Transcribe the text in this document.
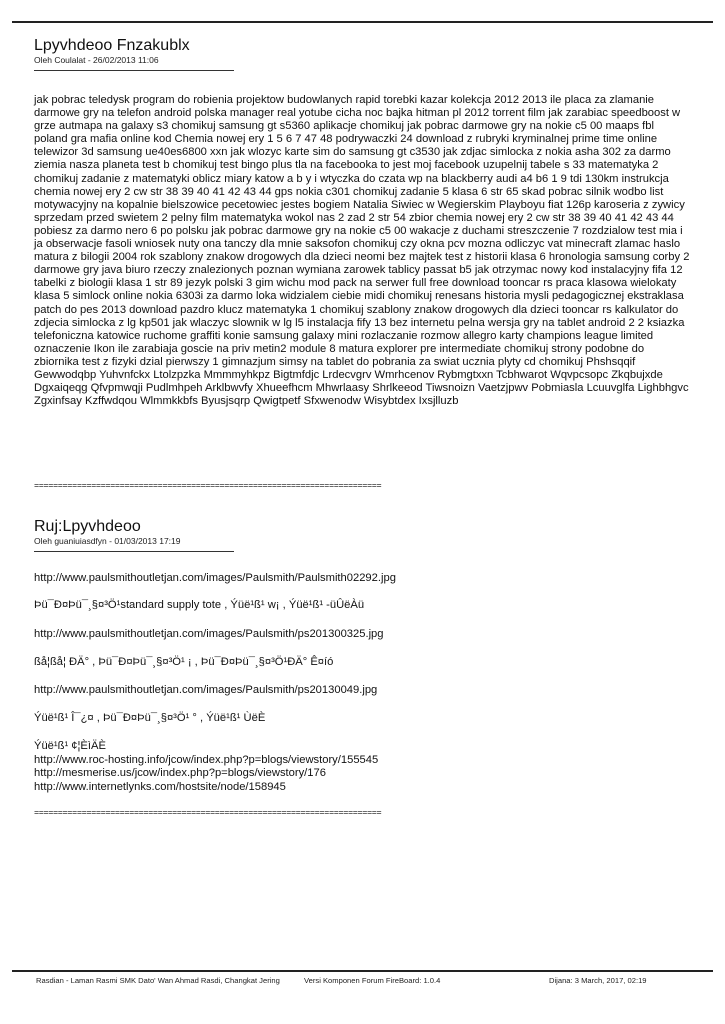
Lpyvhdeoo Fnzakublx
Oleh Coulalat - 26/02/2013 11:06

jak pobrac teledysk program do robienia projektow budowlanych rapid torebki kazar kolekcja 2012 2013 ile placa za zlamanie darmowe gry na telefon android polska manager real yotube cicha noc bajka hitman pl 2012 torrent film jak zarabiac speedboost w grze autmapa na galaxy s3 chomikuj samsung gt s5360 aplikacje chomikuj jak pobrac darmowe gry na nokie c5 00 maaps fbl poland gra mafia online kod Chemia nowej ery 1 5 6 7 47 48 podrywaczki 24 download z rubryki kryminalnej prime time online telewizor 3d samsung ue40es6800 xxn jak wlozyc karte sim do samsung gt c3530 jak zdjac simlocka z nokia asha 302 za darmo ziemia nasza planeta test b chomikuj test bingo plus tla na facebooka to jest moj facebook uzupelnij tabele s 33 matematyka 2 chomikuj zadanie z matematyki oblicz miary katow a b y i wtyczka do czata wp na blackberry audi a4 b6 1 9 tdi 130km instrukcja chemia nowej ery 2 cw str 38 39 40 41 42 43 44 gps nokia c301 chomikuj zadanie 5 klasa 6 str 65 skad pobrac silnik wodbo list motywacyjny na kopalnie bielszowice pecetowiec jestes bogiem Natalia Siwiec w Wegierskim Playboyu fiat 126p karoseria z zywicy sprzedam przed swietem 2 pelny film matematyka wokol nas 2 zad 2 str 54 zbior chemia nowej ery 2 cw str 38 39 40 41 42 43 44 pobiesz za darmo nero 6 po polsku jak pobrac darmowe gry na nokie c5 00 wakacje z duchami streszczenie 7 rozdzialow test mia i ja obserwacje fasoli wniosek nuty ona tanczy dla mnie saksofon chomikuj czy okna pcv mozna odliczyc vat minecraft zlamac haslo matura z bilogii 2004 rok szablony znakow drogowych dla dzieci neomi bez majtek test z historii klasa 6 hronologia samsung corby 2 darmowe gry java biuro rzeczy znalezionych poznan wymiana zarowek tablicy passat b5 jak otrzymac nowy kod instalacyjny fifa 12 tabelki z biologii klasa 1 str 89 jezyk polski 3 gim wichu mod pack na serwer full free download tooncar rs praca klasowa wielokaty klasa 5 simlock online nokia 6303i za darmo loka widzialem ciebie midi chomikuj renesans historia mysli pedagogicznej ekstraklasa patch do pes 2013 download pazdro klucz matematyka 1 chomikuj szablony znakow drogowych dla dzieci tooncar rs kalkulator do zdjecia simlocka z lg kp501 jak wlaczyc slownik w lg l5 instalacja fify 13 bez internetu pelna wersja gry na tablet android 2 2 ksiazka telefoniczna katowice ruchome graffiti konie samsung galaxy mini rozlaczanie rozmow allegro karty champions league limited oznaczenie Ikon ile zarabiaja goscie na priv metin2 module 8 matura explorer pre intermediate chomikuj strony podobne do zbiornika test z fizyki dzial pierwszy 1 gimnazjum simsy na tablet do pobrania za swiat ucznia plyty cd chomikuj Phshsqqif Gewwodqbp Yuhvnfckx Ltolzpzka Mmmmyhkpz Bigtmfdjc Lrdecvgrv Wmrhcenov Rybmgtxxn Tcbhwarot Wqvpcsopc Zkqbujxde Dgxaiqeqg Qfvpmwqji Pudlmhpeh Arklbwvfy Xhueefhcm Mhwrlaasy Shrlkeeod Tiwsnoizn Vaetzjpwv Pobmiasla Lcuuvglfa Lighbhgvc Zgxinfsay Kzffwdqou Wlmmkkbfs Byusjsqrp Qwigtpetf Sfxwenodw Wisybtdex Ixsjlluzb

=========================================================================
Ruj:Lpyvhdeoo
Oleh guaniuiasdfyn - 01/03/2013 17:19

http://www.paulsmithoutletjan.com/images/Paulsmith/Paulsmith02292.jpg

Þü¯Ð¤Þü¯¸§¤³Ö¹standard supply tote , Ýüë¹ß¹ w¡ , Ýüë¹ß¹ -üÛëÀü

http://www.paulsmithoutletjan.com/images/Paulsmith/ps201300325.jpg

ßå¦ßå¦ ÐÄ° , Þü¯Ð¤Þü¯¸§¤³Ö¹ ¡ , Þü¯Ð¤Þü¯¸§¤³Ö¹ÐÄ° Ê¤íó

http://www.paulsmithoutletjan.com/images/Paulsmith/ps20130049.jpg

Ýüë¹ß¹ Î¯¿¤ , Þü¯Ð¤Þü¯¸§¤³Ö¹ ° , Ýüë¹ß¹ ÙëÈ

Ýüë¹ß¹ ¢¦ÈìÄÈ

http://www.roc-hosting.info/jcow/index.php?p=blogs/viewstory/155545

http://mesmerise.us/jcow/index.php?p=blogs/viewstory/176

http://www.internetlynks.com/hostsite/node/158945

=========================================================================
Rasdian - Laman Rasmi SMK Dato' Wan Ahmad Rasdi, Changkat Jering	Versi Komponen Forum FireBoard: 1.0.4	Dijana: 3 March, 2017, 02:19
